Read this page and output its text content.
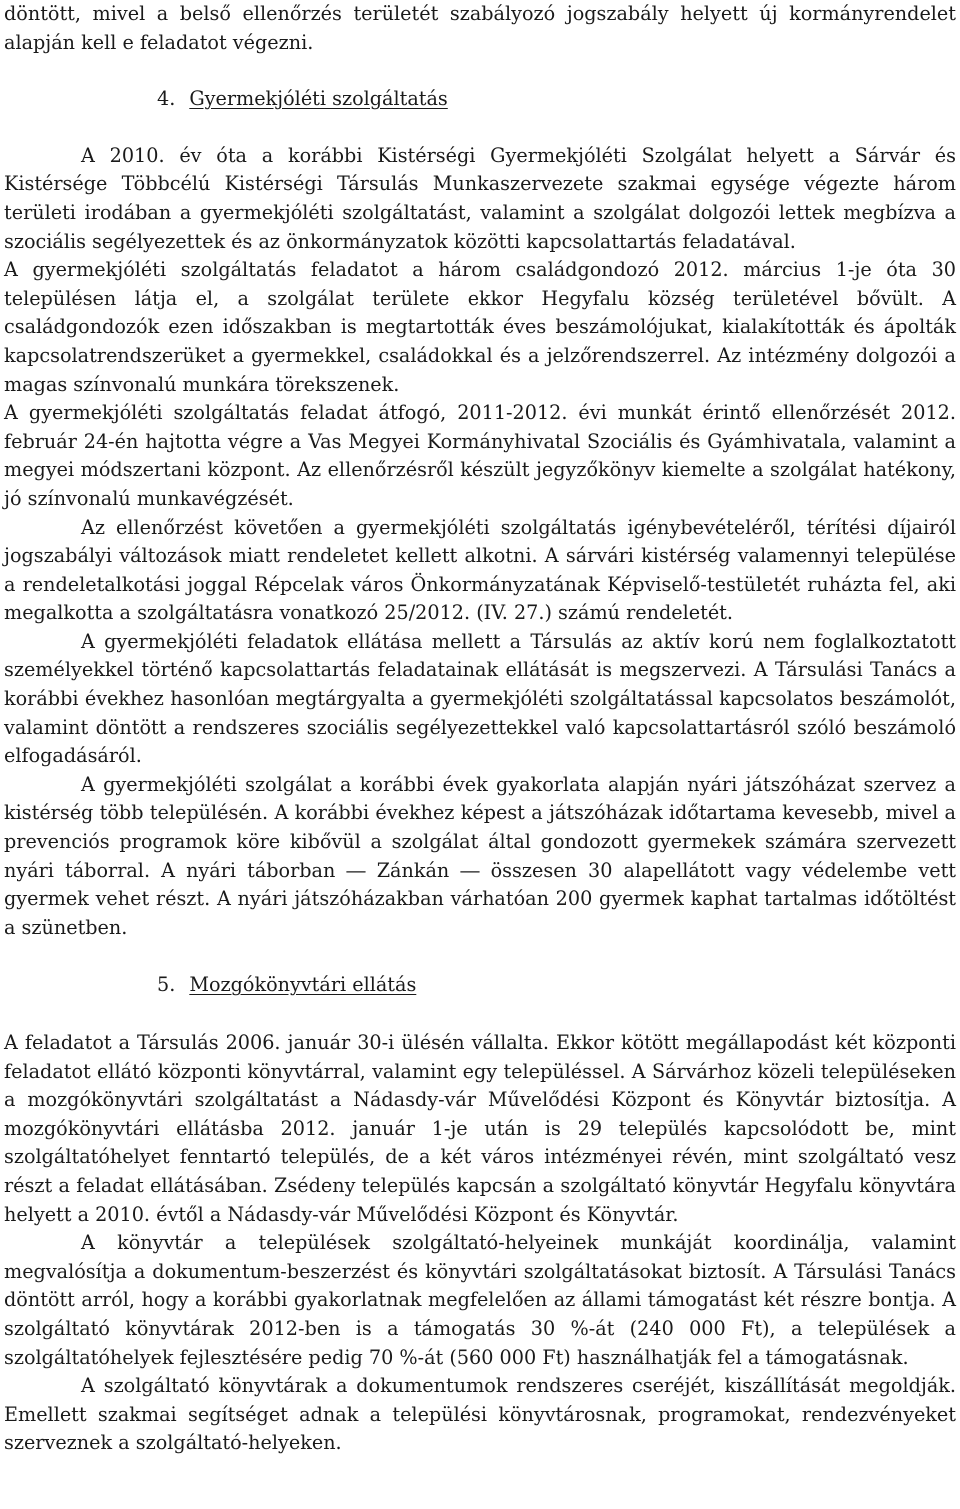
döntött, mivel a belső ellenőrzés területét szabályozó jogszabály helyett új kormányrendelet alapján kell e feladatot végezni.

4. Gyermekjóléti szolgáltatás

A 2010. év óta a korábbi Kistérségi Gyermekjóléti Szolgálat helyett a Sárvár és Kistérsége Többcélú Kistérségi Társulás Munkaszervezete szakmai egysége végezte három területi irodában a gyermekjóléti szolgáltatást, valamint a szolgálat dolgozói lettek megbízva a szociális segélyezettek és az önkormányzatok közötti kapcsolattartás feladatával.

A gyermekjóléti szolgáltatás feladatot a három családgondozó 2012. március 1-je óta 30 településen látja el, a szolgálat területe ekkor Hegyfalu község területével bővült. A családgondozók ezen időszakban is megtartották éves beszámolójukat, kialakították és ápolták kapcsolatrendszerüket a gyermekkel, családokkal és a jelzőrendszerrel. Az intézmény dolgozói a magas színvonalú munkára törekszenek.

A gyermekjóléti szolgáltatás feladat átfogó, 2011-2012. évi munkát érintő ellenőrzését 2012. február 24-én hajtotta végre a Vas Megyei Kormányhivatal Szociális és Gyámhivatala, valamint a megyei módszertani központ. Az ellenőrzésről készült jegyzőkönyv kiemelte a szolgálat hatékony, jó színvonalú munkavégzését.

Az ellenőrzést követően a gyermekjóléti szolgáltatás igénybevételéről, térítési díjairól jogszabályi változások miatt rendeletet kellett alkotni. A sárvári kistérség valamennyi települése a rendeletalkotási joggal Répcelak város Önkormányzatának Képviselő-testületét ruházta fel, aki megalkotta a szolgáltatásra vonatkozó 25/2012. (IV. 27.) számú rendeletét.

A gyermekjóléti feladatok ellátása mellett a Társulás az aktív korú nem foglalkoztatott személyekkel történő kapcsolattartás feladatainak ellátását is megszervezi. A Társulási Tanács a korábbi évekhez hasonlóan megtárgyalta a gyermekjóléti szolgáltatással kapcsolatos beszámolót, valamint döntött a rendszeres szociális segélyezettekkel való kapcsolattartásról szóló beszámoló elfogadásáról.

A gyermekjóléti szolgálat a korábbi évek gyakorlata alapján nyári játszóházat szervez a kistérség több településén. A korábbi évekhez képest a játszóházak időtartama kevesebb, mivel a prevenciós programok köre kibővül a szolgálat által gondozott gyermekek számára szervezett nyári táborral. A nyári táborban ― Zánkán ― összesen 30 alapellátott vagy védelembe vett gyermek vehet részt. A nyári játszóházakban várhatóan 200 gyermek kaphat tartalmas időtöltést a szünetben.

5. Mozgókönyvtári ellátás

A feladatot a Társulás 2006. január 30-i ülésén vállalta. Ekkor kötött megállapodást két központi feladatot ellátó központi könyvtárral, valamint egy településsel. A Sárvárhoz közeli településeken a mozgókönyvtári szolgáltatást a Nádasdy-vár Művelődési Központ és Könyvtár biztosítja. A mozgókönyvtári ellátásba 2012. január 1-je után is 29 település kapcsolódott be, mint szolgáltatóhelyet fenntartó település, de a két város intézményei révén, mint szolgáltató vesz részt a feladat ellátásában. Zsédeny település kapcsán a szolgáltató könyvtár Hegyfalu könyvtára helyett a 2010. évtől a Nádasdy-vár Művelődési Központ és Könyvtár.

A könyvtár a települések szolgáltató-helyeinek munkáját koordinálja, valamint megvalósítja a dokumentum-beszerzést és könyvtári szolgáltatásokat biztosít. A Társulási Tanács döntött arról, hogy a korábbi gyakorlatnak megfelelően az állami támogatást két részre bontja. A szolgáltató könyvtárak 2012-ben is a támogatás 30 %-át (240 000 Ft), a települések a szolgáltatóhelyek fejlesztésére pedig 70 %-át (560 000 Ft) használhatják fel a támogatásnak.

A szolgáltató könyvtárak a dokumentumok rendszeres cseréjét, kiszállítását megoldják. Emellett szakmai segítséget adnak a települési könyvtárosnak, programokat, rendezvényeket szerveznek a szolgáltató-helyeken.
